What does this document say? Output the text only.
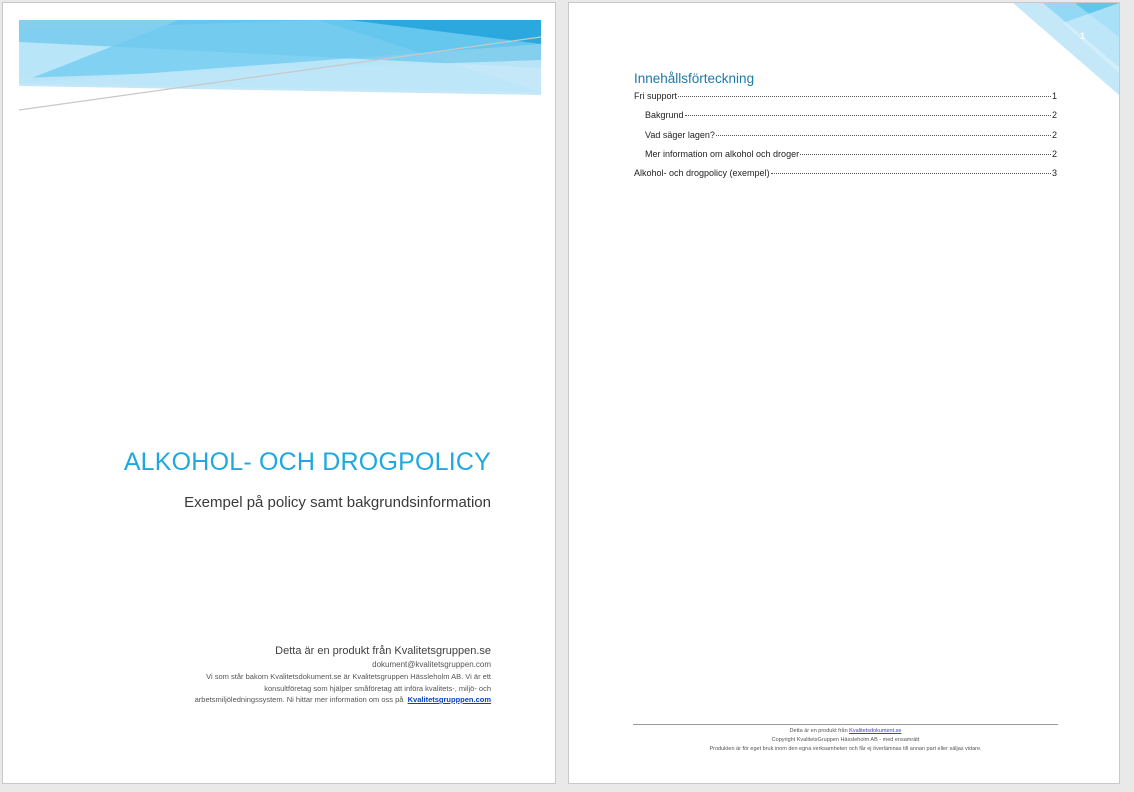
ALKOHOL- OCH DROGPOLICY
Exempel på policy samt bakgrundsinformation
Detta är en produkt från Kvalitetsgruppen.se
dokument@kvalitetsgruppen.com
Vi som står bakom Kvalitetsdokument.se är Kvalitetsgruppen Hässleholm AB. Vi är ett
konsultföretag som hjälper småföretag att införa kvalitets-, miljö- och
arbetsmiljöledningssystem. Ni hittar mer information om oss på Kvalitetsgrupppen.com
1
Innehållsförteckning
Fri support	1
Bakgrund	2
Vad säger lagen?	2
Mer information om alkohol och droger	2
Alkohol- och drogpolicy (exempel)	3
Detta är en produkt från Kvalitetsdokument.se
Copyright KvalitetsGruppen Hässleholm AB - med ensamrätt
Produkten är för eget bruk inom den egna verksamheten och får ej överlämnas till annan part eller säljas vidare.
